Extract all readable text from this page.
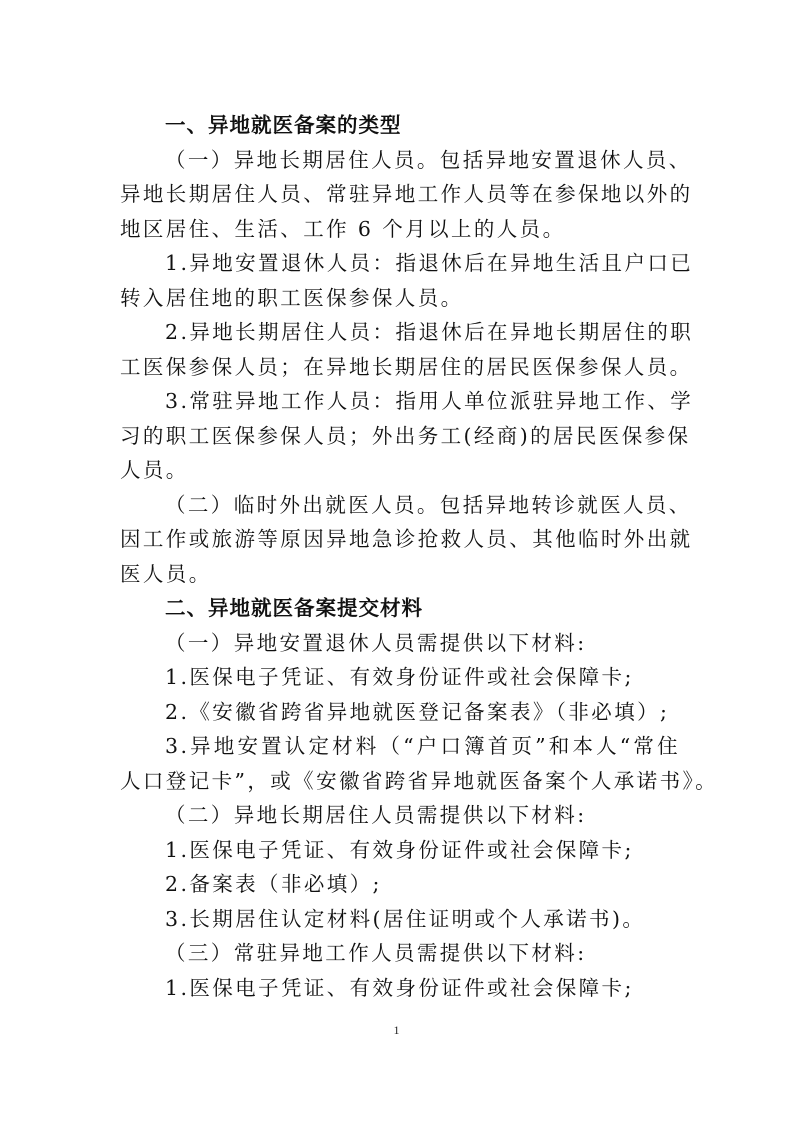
一、异地就医备案的类型
（一）异地长期居住人员。包括异地安置退休人员、
异地长期居住人员、常驻异地工作人员等在参保地以外的
地区居住、生活、工作 6 个月以上的人员。
1.异地安置退休人员：指退休后在异地生活且户口已
转入居住地的职工医保参保人员。
2.异地长期居住人员：指退休后在异地长期居住的职
工医保参保人员；在异地长期居住的居民医保参保人员。
3.常驻异地工作人员：指用人单位派驻异地工作、学
习的职工医保参保人员；外出务工(经商)的居民医保参保
人员。
（二）临时外出就医人员。包括异地转诊就医人员、
因工作或旅游等原因异地急诊抢救人员、其他临时外出就
医人员。
二、异地就医备案提交材料
（一）异地安置退休人员需提供以下材料:
1.医保电子凭证、有效身份证件或社会保障卡;
2.《安徽省跨省异地就医登记备案表》（非必填）;
3.异地安置认定材料（“户口簿首页”和本人“常住
人口登记卡”，或《安徽省跨省异地就医备案个人承诺书》。
（二）异地长期居住人员需提供以下材料:
1.医保电子凭证、有效身份证件或社会保障卡;
2.备案表（非必填）;
3.长期居住认定材料(居住证明或个人承诺书)。
（三）常驻异地工作人员需提供以下材料:
1.医保电子凭证、有效身份证件或社会保障卡;
1
